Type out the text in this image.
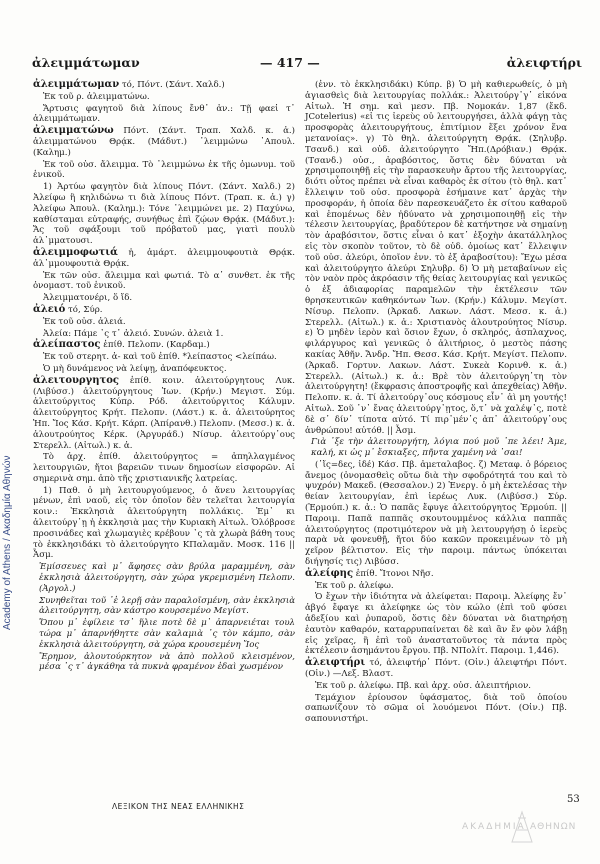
Academy of Athens / Ακαδημία Αθηνών
ἀλειμμάτωμαν	— 417 —	ἀλειφτήρι

ἀλειμμάτωμαν τό, Πόντ. (Σάντ. Χαλδ.)

Ἐκ τοῦ ρ. ἀλειμματώνω.

Ἄρτυσις φαγητοῦ διὰ λίπους ἔνθ᾽ ἀν.: Τῇ φαεἰ τ᾽ ἀλειμμάτωμαν.

ἀλειμματώνω Πόντ. (Σάντ. Τραπ. Χαλδ. κ. ἀ.) ἀλειμματώνου Θρᾴκ. (Μάδυτ.) ᾽λειμμώνω ᾽Απουλ. (Καλημ.)

Ἐκ τοῦ οὐσ. ἄλειμμα. Τὸ ᾽λειμμώνω ἐκ τῆς ὁμωνυμ. τοῦ ἑνικοῦ.

1) Ἀρτύω φαγητὸν διὰ λίπους Πόντ. (Σάντ. Χαλδ.) 2) Ἀλείφω ἢ κηλιδώνω τι διὰ λίπους Πόντ. (Τραπ. κ. ἀ.) γ) Ἀλείφω Ἀπουλ. (Καλημ.): Τόνε ᾽λειμμώνει με. 2) Παχύνω, καθίσταμαι εὐτραφής, συνήθως ἐπὶ ζῴων Θρᾴκ. (Μάδυτ.): Ἄς τοῦ σφάξουμι τοῦ πρόβατοῦ μας, γιατὶ πουλὺ ἀλ᾽μματουσι.

ἀλειμμοφωτιά ἡ, ἀμάρτ. ἀλειμμουφουτιὰ Θρᾴκ. ἀλ᾽μμουφουτιὰ Θρᾴκ.

Ἐκ τῶν οὐσ. ἄλειμμα καὶ φωτιά. Τὸ α᾽ συνθετ. ἐκ τῆς ὀνομαστ. τοῦ ἑνικοῦ.

Ἀλειμματονέρι, ὅ ἴδ.

ἀλειό τό, Σύρ.

Ἐκ τοῦ οὐσ. ἀλειά.

Ἀλεία: Πάμε ᾽ς τ᾽ ἀλειό. Συνών. ἀλειὰ 1.

ἀλείπαστος ἐπίθ. Πελοπν. (Καρδαμ.)

Ἐκ τοῦ στερητ. ἀ- καὶ τοῦ ἐπίθ. *λείπαστος <λείπάω.

Ὁ μὴ δυνάμενος νὰ λείψῃ, ἀναπόφευκτος.

ἀλειτουργητος ἐπίθ. κοιν. ἀλειτούργητους Λυκ. (Λιβύσσ.) ἀλειτούργητους Ἰων. (Κρήν.) Μεγιστ. Σύμ. ἀλειτούργιτος Κύπρ. Ρόδ. ἀλειτούργιτος Κάλυμν. ἀλειτούργητος Κρήτ. Πελοπν. (Λάστ.) κ. ἀ. ἀλειτούρητος Ἠπ. Ἴος Κάσ. Κρήτ. Κάρπ. (Ἀπίρανθ.) Πελοπν. (Μεσσ.) κ. ἀ. ἀλουτρούητος Κέρκ. (Ἀργυράδ.) Νίσυρ. ἀλειτούργ᾽ους Στερελλ. (Αἰτωλ.) κ. ἀ.

Τὸ ἀρχ. ἐπίθ. ἀλειτούργητος = ἀπηλλαγμένος λειτουργιῶν, ἤτοι βαρειῶν τινων δημοσίων εἰσφορῶν. Αἱ σημερινὰ σημ. ἀπὸ τῆς χριστιανικῆς λατρείας.

1) Παθ. ὁ μὴ λειτουργούμενος, ὁ ἄνευ λειτουργίας μένων, ἐπὶ ναοῦ, εἰς τὸν ὁποῖον δὲν τελεῖται λειτουργία κοιν.: Ἐκκλησιὰ ἀλειτούργητη πολλάκις. Ἐμ᾽ κι ἀλειτούργ᾽ῃ ἡ ἐκκλησιὰ μας τὴν Κυριακὴ Αἰτωλ. Ὁλόβροσε προσινάδες καὶ χλωμαγιὲς κρέβουν ᾽ς τὰ χλωρὰ βάθη τους τὸ ἐκκλησιδάκι τὸ ἀλειτούργητο ΚΠαλαμᾶν. Μοσκ. 116 || Ἆσμ.

Ἐμίσσευες καὶ μ᾽ ἄφησες σὰν βρύλα μαραμμένη, σὰν ἐκκλησιὰ ἀλειτούργητη, σὰν χώρα γκρεμισμένη Πελοπν. (Ἀργολ.)

Συνηθεῖται τοῦ ᾽ἐ λερῇ σὰν παραλοϊσμένη, σὰν ἐκκλησιὰ ἀλειτούργητη, σὰν κάστρο κουρσεμένο Μεγίστ.

Ὅπου μ᾽ ἐφίλειε τσ᾽ ἥλιε ποτὲ δὲ μ᾽ ἀπαρνειέται τουλ τώρα μ᾽ ἀπαρνήθηττε σὰν καλαμιὰ ᾽ς τὸν κάμπο, σὰν ἐκκλησιὰ ἀλειτούργητη, σὰ χώρα κρουσεμένη Ἴος

Ἔρημον, ἀλουτούρκητον νὰ ἀπὸ πολλοῦ κλεισμένον, μέσα ᾽ς τ᾽ ἀγκάθηα τὰ πυκνὰ φραμένον ἐδαὶ χωσμένον

(ἐνν. τὸ ἐκκλησιδάκι) Κύπρ. β) Ὁ μὴ καθιερωθείς, ὁ μὴ ἁγιασθεὶς διὰ λειτουργίας πολλάκ.: Ἀλειτούργ᾽γ᾽ εἰκόνα Αἰτωλ. Ἡ σημ. καὶ μεσν. Πβ. Νομοκάν. 1,87 (ἔκδ. JCotelerius) «εἰ τις ἱερεὺς οὐ λειτουργήσει, ἀλλὰ φάγῃ τὰς προσφορὰς ἀλειτουργήτους, ἐπιτίμιον ἕξει χρόνον ἕνα μετανοίας». γ) Τὸ θηλ. ἀλειτούργητη Θρᾴκ. (Σηλυβρ. Τσανδ.) καὶ οὐδ. ἀλειτούργητο Ἤπ.(Δρόβιαν.) Θρᾴκ.(Τσανδ.) οὐσ., ἀραβόσιτος, ὅστις δὲν δύναται νὰ χρησιμοποιηθῇ εἰς τὴν παρασκευὴν ἄρτου τῆς λειτουργίας, διότι οὗτος πρέπει νὰ εἶναι καθαρὸς ἐκ σίτου (τὸ θηλ. κατ᾽ ἔλλειψιν τοῦ οὐσ. προσφορὰ ἐσήμαινε κατ᾽ ἀρχὰς τὴν προσφοράν, ἡ ὁποία δὲν παρεσκευάζετο ἐκ σίτου καθαροῦ καὶ ἑπομένως δὲν ἠδύνατο νὰ χρησιμοποιηθῇ εἰς τὴν τέλεσιν λειτουργίας, βραδύτερον δὲ κατήντησε νὰ σημαίνῃ τὸν ἀραβόσιτον, ὅστις εἶναι ὁ κατ᾽ ἐξοχὴν ἀκατάλληλος εἰς τὸν σκοπὸν τοῦτον, τὸ δὲ οὐδ. ὁμοίως κατ᾽ ἔλλειψιν τοῦ οὐσ. ἀλεύρι, ὁποῖον ἐνν. τὸ ἐξ ἀραβοσίτου): Ἔχω μέσα καὶ ἀλειτούργητο ἀλεύρι Σηλυβρ. δ) Ὁ μὴ μεταβαίνων εἰς τὸν ναὸν πρὸς ἀκρόασιν τῆς θείας λειτουργίας καὶ γενικῶς ὁ ἐξ ἀδιαφορίας παραμελῶν τὴν ἐκτέλεσιν τῶν θρησκευτικῶν καθηκόντων Ἰων. (Κρήν.) Κάλυμν. Μεγίστ. Νίσυρ. Πελοπν. (Ἀρκαδ. Λακων. Λάστ. Μεσσ. κ. ἀ.) Στερελλ. (Αἰτωλ.) κ. ἀ.: Χριστιανὸς ἀλουτρούητος Νίσυρ. ε) Ὁ μηδὲν ἱερὸν καὶ ὅσιον ἔχων, ὁ σκληρός, ἀσπλαχνος, φιλάργυρος καὶ γενικῶς ὁ ἀλιτήριος, ὁ μεστὸς πάσης κακίας Ἀθῆν. Ἄνδρ. Ἤπ. Θεσσ. Κάσ. Κρήτ. Μεγίστ. Πελοπν. (Ἀρκαδ. Γορτυν. Λακων. Λάστ. Συκεὰ Κορινθ. κ. ἀ.) Στερελλ. (Αἰτωλ.) κ. ἀ.: Βρὲ τὸν ἀλειτούργη᾽τη τὸν ἀλειτούργητη! (ἔκφρασις ἀποστροφῆς καὶ ἀπεχθείας) Ἀθῆν. Πελοπν. κ. ἀ. Τί ἀλειτούργ᾽ους κόσμους εἶν᾽ ἀὶ μη γουτής! Αἰτωλ. Σοῦ ᾽ν᾽ ἔνας ἀλειτούργ᾽ῃτος, ὅ,τ᾽ νὰ χαλέψ᾽ς, ποτὲ δὲ σ᾽ δίν᾽ τίποτα αὐτό. Τί πιρ᾽μέν᾽ς ἀπ᾽ ἀλειτούργ᾽ους ἀνθρώπου! αὐτόθ. || Ἆσμ.

Γιὰ ᾽ξε τὴν ἀλειτουργήτη, λόγια πού μοῦ ᾽πε λέει! Ἀμε, καλή, κι ὡς μ᾽ ἔσκιαξες, πῆντα χαμένη νὰ ᾽σαι!

(᾽ἴς=δες, ἰδέ) Κάσ. Πβ. ἀμεταλαβος. ζ) Μεταφ. ὁ βόρειος ἄνεμος (ὀνομασθεὶς οὕτω διὰ τὴν σφοδρότητά του καὶ τὸ ψυχρόν) Μακεδ. (Θεσσαλον.) 2) Ἐνεργ. ὁ μὴ ἐκτελέσας τὴν θείαν λειτουργίαν, ἐπὶ ἱερέως Λυκ. (Λιβύσσ.) Σύρ. (Ἐρμούπ.) κ. ἀ.: Ὁ παπᾶς ἔφυγε ἀλειτούργητος Ἐρμούπ. || Παροιμ. Παπᾶ παππᾶς σκουτουμμένος κάλλια παππᾶς ἀλειτούργητος (προτιμότερον νὰ μὴ λειτουργήσῃ ὁ ἱερεὺς παρὰ νὰ φονευθῇ, ἤτοι δύο κακῶν προκειμένων τὸ μὴ χεῖρον βέλτιστον. Εἰς τὴν παροιμ. πάντως ὑπόκειται διήγησίς τις) Λιβύσσ.

ἀλείφης ἐπίθ. Ἴτονοι Νῆσ.

Ἐκ τοῦ ρ. ἀλείφω.

Ὁ ἔχων τὴν ἰδιότητα νὰ ἀλείφεται: Παροιμ. Ἀλείφης ἔν᾽ ἀβγό ἔφαγε κι ἀλείφηκε ὡς τὸν κώλο (ἐπὶ τοῦ φύσει ἀδεξίου καὶ ῥυπαροῦ, ὅστις δὲν δύναται νὰ διατηρήσῃ ἑαυτὸν καθαρόν, καταρρυπαίνεται δὲ καὶ ἂν ἔν φὸν λάβῃ εἰς χεῖρας, ἢ ἐπὶ τοῦ ἀναστατοῦντος τὰ πάντα πρὸς ἐκτέλεσιν ἀσημάντου ἔργου. Πβ. ΝΠολίτ. Παροιμ. 1,446).

ἀλειφτήρι τό, ἀλειφτήρ᾽ Πόντ. (Οἰν.) ἀλειφτήρι Πόντ. (Οἰν.) —Λεξ. Βλαστ.

Ἐκ τοῦ ρ. ἀλείφω. Πβ. καὶ ἀρχ. οὐσ. ἀλειπτήριον.

Τεμάχιον ἐρίουσον ὑφάσματος, διὰ τοῦ ὁποίου σαπωνίζουν τὸ σῶμα οἱ λουόμενοι Πόντ. (Οἰν.) Πβ. σαπουνιστήρι.

ΛΕΞΙΚΟΝ ΤΗΣ ΝΕΑΣ ΕΛΛΗΝΙΚΗΣ
53
ΑΚΑΔΗΜΙΑ ΑΘΗΝΩΝ
